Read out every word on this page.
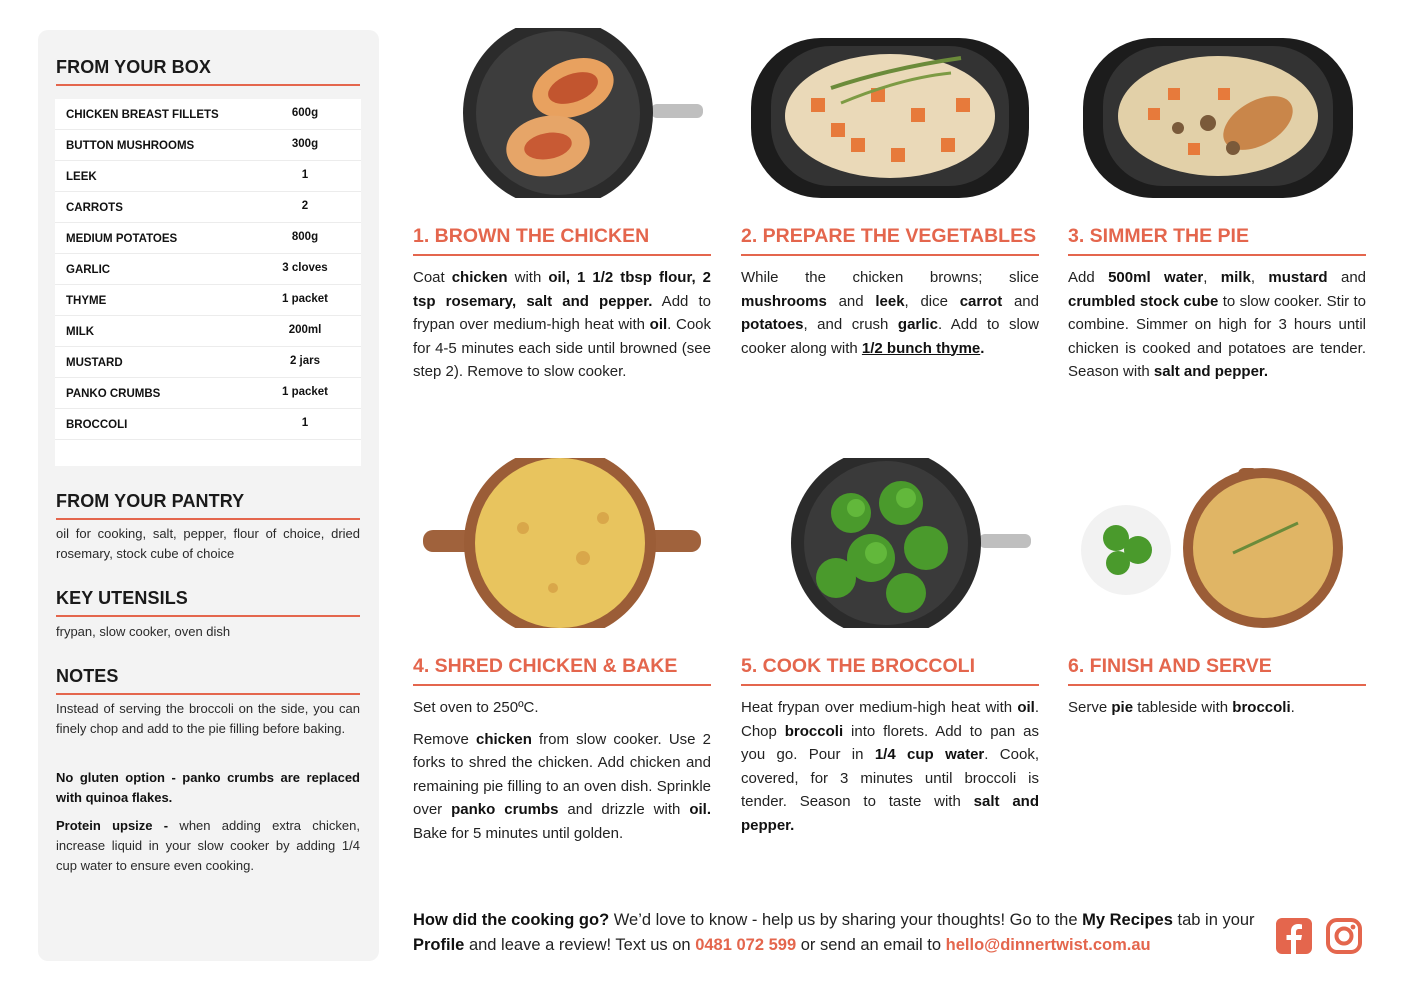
FROM YOUR BOX
CHICKEN BREAST FILLETS	600g
BUTTON MUSHROOMS	300g
LEEK	1
CARROTS	2
MEDIUM POTATOES	800g
GARLIC	3 cloves
THYME	1 packet
MILK	200ml
MUSTARD	2 jars
PANKO CRUMBS	1 packet
BROCCOLI	1
FROM YOUR PANTRY

oil for cooking, salt, pepper, flour of choice, dried rosemary, stock cube of choice

KEY UTENSILS

frypan, slow cooker, oven dish

NOTES

Instead of serving the broccoli on the side, you can finely chop and add to the pie filling before baking.

No gluten option - panko crumbs are replaced with quinoa flakes.

Protein upsize - when adding extra chicken, increase liquid in your slow cooker by adding 1/4 cup water to ensure even cooking.

1. BROWN THE CHICKEN
Coat chicken with oil, 1 1/2 tbsp flour, 2 tsp rosemary, salt and pepper. Add to frypan over medium-high heat with oil. Cook for 4-5 minutes each side until browned (see step 2). Remove to slow cooker.
2. PREPARE THE VEGETABLES
While the chicken browns; slice mushrooms and leek, dice carrot and potatoes, and crush garlic. Add to slow cooker along with 1/2 bunch thyme.
3. SIMMER THE PIE
Add 500ml water, milk, mustard and crumbled stock cube to slow cooker. Stir to combine. Simmer on high for 3 hours until chicken is cooked and potatoes are tender. Season with salt and pepper.
4. SHRED CHICKEN & BAKE

Set oven to 250ºC.

Remove chicken from slow cooker. Use 2 forks to shred the chicken. Add chicken and remaining pie filling to an oven dish. Sprinkle over panko crumbs and drizzle with oil. Bake for 5 minutes until golden.

5. COOK THE BROCCOLI
Heat frypan over medium-high heat with oil. Chop broccoli into florets. Add to pan as you go. Pour in 1/4 cup water. Cook, covered, for 3 minutes until broccoli is tender. Season to taste with salt and pepper.
6. FINISH AND SERVE
Serve pie tableside with broccoli.
How did the cooking go? We’d love to know - help us by sharing your thoughts! Go to the My Recipes tab in your Profile and leave a review! Text us on 0481 072 599 or send an email to hello@dinnertwist.com.au
